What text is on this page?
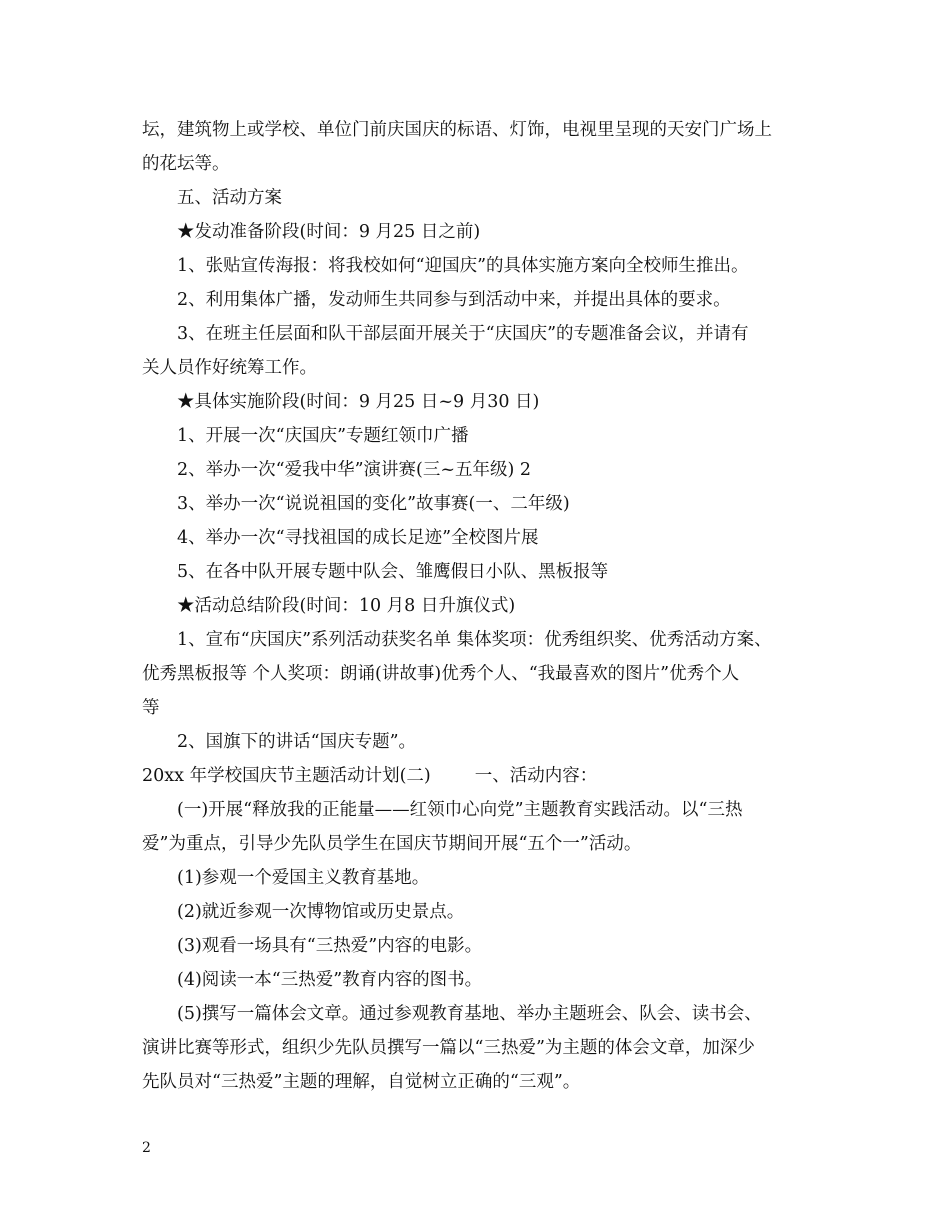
坛，建筑物上或学校、单位门前庆国庆的标语、灯饰，电视里呈现的天安门广场上
的花坛等。
五、活动方案
★发动准备阶段(时间：9 月25 日之前)
1、张贴宣传海报：将我校如何“迎国庆”的具体实施方案向全校师生推出。
2、利用集体广播，发动师生共同参与到活动中来，并提出具体的要求。
3、在班主任层面和队干部层面开展关于“庆国庆”的专题准备会议，并请有
关人员作好统筹工作。
★具体实施阶段(时间：9 月25 日~9 月30 日)
1、开展一次“庆国庆”专题红领巾广播
2、举办一次“爱我中华”演讲赛(三~五年级) 2
3、举办一次“说说祖国的变化”故事赛(一、二年级)
4、举办一次“寻找祖国的成长足迹”全校图片展
5、在各中队开展专题中队会、雏鹰假日小队、黑板报等
★活动总结阶段(时间：10 月8 日升旗仪式)
1、宣布“庆国庆”系列活动获奖名单 集体奖项：优秀组织奖、优秀活动方案、
优秀黑板报等 个人奖项：朗诵(讲故事)优秀个人、“我最喜欢的图片”优秀个人
等
2、国旗下的讲话“国庆专题”。
20xx 年学校国庆节主题活动计划(二)	一、活动内容：
(一)开展“释放我的正能量——红领巾心向党”主题教育实践活动。以“三热
爱”为重点，引导少先队员学生在国庆节期间开展“五个一”活动。
(1)参观一个爱国主义教育基地。
(2)就近参观一次博物馆或历史景点。
(3)观看一场具有“三热爱”内容的电影。
(4)阅读一本“三热爱”教育内容的图书。
(5)撰写一篇体会文章。通过参观教育基地、举办主题班会、队会、读书会、
演讲比赛等形式，组织少先队员撰写一篇以“三热爱”为主题的体会文章，加深少
先队员对“三热爱”主题的理解，自觉树立正确的“三观”。
2
